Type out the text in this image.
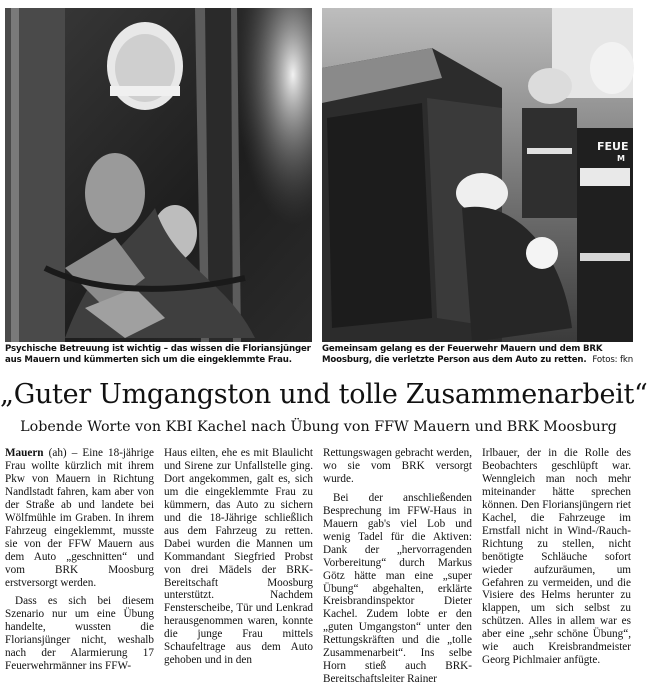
FEUE
M
Psychische Betreuung ist wichtig – das wissen die Floriansjünger aus Mauern und kümmerten sich um die eingeklemmte Frau.
Gemeinsam gelang es der Feuerwehr Mauern und dem BRK Moosburg, die verletzte Person aus dem Auto zu retten. Fotos: fkn
„Guter Umgangston und tolle Zusammenarbeit“
Lobende Worte von KBI Kachel nach Übung von FFW Mauern und BRK Moosburg

Mauern (ah) – Eine 18-jährige Frau wollte kürzlich mit ihrem Pkw von Mauern in Richtung Nandlstadt fahren, kam aber von der Straße ab und landete bei Wölfmühle im Graben. In ihrem Fahrzeug eingeklemmt, musste sie von der FFW Mauern aus dem Auto „geschnitten“ und vom BRK Moosburg erstversorgt werden.

Dass es sich bei diesem Szenario nur um eine Übung handelte, wussten die Floriansjünger nicht, weshalb nach der Alarmierung 17 Feuerwehrmänner ins FFW-

Haus eilten, ehe es mit Blaulicht und Sirene zur Unfallstelle ging. Dort angekommen, galt es, sich um die eingeklemmte Frau zu kümmern, das Auto zu sichern und die 18-Jährige schließlich aus dem Fahrzeug zu retten. Dabei wurden die Mannen um Kommandant Siegfried Probst von drei Mädels der BRK-Bereitschaft Moosburg unterstützt. Nachdem Fensterscheibe, Tür und Lenkrad herausgenommen waren, konnte die junge Frau mittels Schaufeltrage aus dem Auto gehoben und in den

Rettungswagen gebracht werden, wo sie vom BRK versorgt wurde.

Bei der anschließenden Besprechung im FFW-Haus in Mauern gab's viel Lob und wenig Tadel für die Aktiven: Dank der „hervorragenden Vorbereitung“ durch Markus Götz hätte man eine „super Übung“ abgehalten, erklärte Kreisbrandinspektor Dieter Kachel. Zudem lobte er den „guten Umgangston“ unter den Rettungskräften und die „tolle Zusammenarbeit“. Ins selbe Horn stieß auch BRK-Bereitschaftsleiter Rainer

Irlbauer, der in die Rolle des Beobachters geschlüpft war. Wenngleich man noch mehr miteinander hätte sprechen können. Den Floriansjüngern riet Kachel, die Fahrzeuge im Ernstfall nicht in Wind-/Rauch-Richtung zu stellen, nicht benötigte Schläuche sofort wieder aufzuräumen, um Gefahren zu vermeiden, und die Visiere des Helms herunter zu klappen, um sich selbst zu schützen. Alles in allem war es aber eine „sehr schöne Übung“, wie auch Kreisbrandmeister Georg Pichlmaier anfügte.
